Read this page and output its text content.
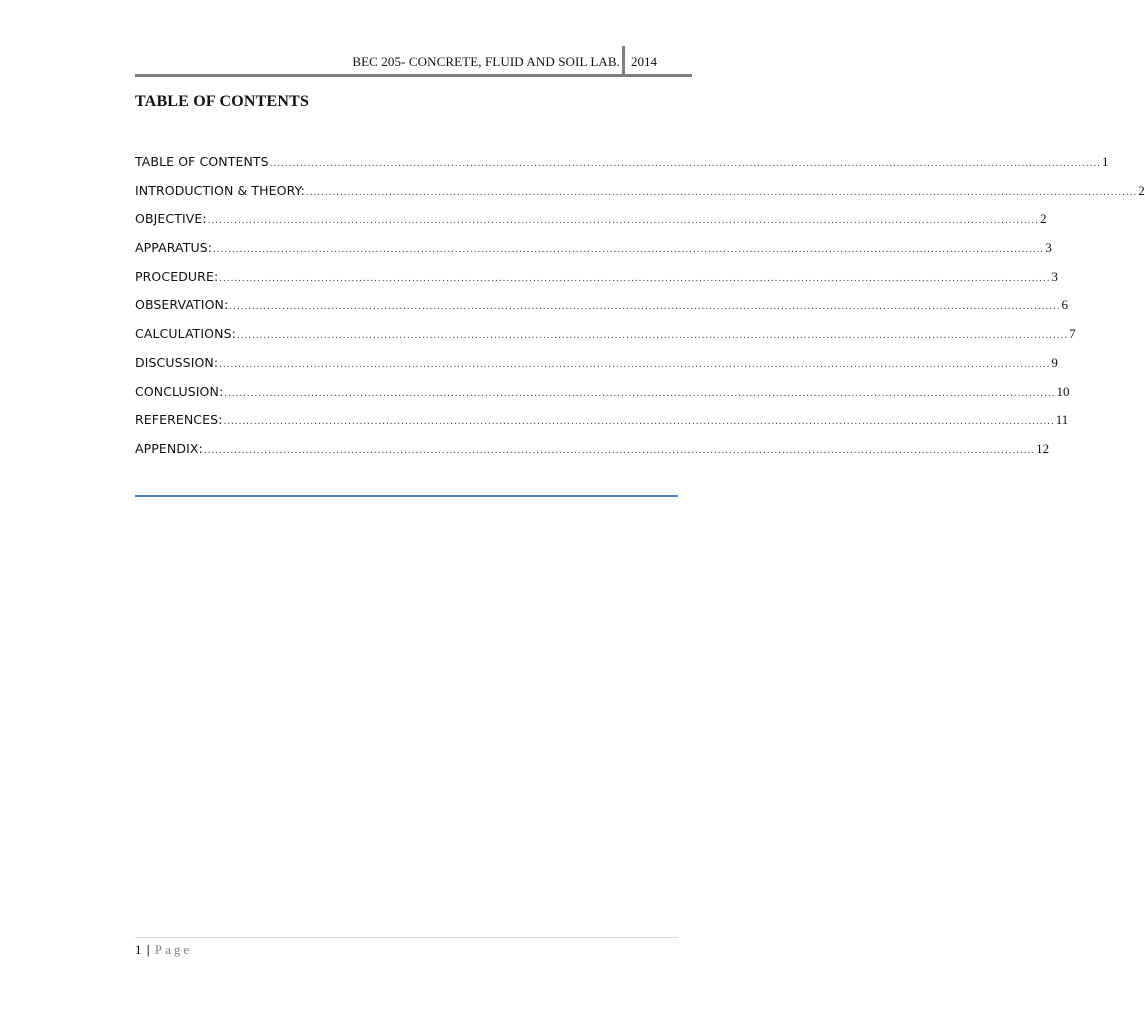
BEC 205- CONCRETE, FLUID AND SOIL LAB. 2014
TABLE OF CONTENTS
TABLE OF CONTENTS ............................................................................................................................................................................................................................ 1
INTRODUCTION & THEORY: ............................................................................................................................................................................................................................ 2
OBJECTIVE: ............................................................................................................................................................................................................................ 2
APPARATUS: ............................................................................................................................................................................................................................ 3
PROCEDURE: ............................................................................................................................................................................................................................ 3
OBSERVATION: ............................................................................................................................................................................................................................ 6
CALCULATIONS: ............................................................................................................................................................................................................................ 7
DISCUSSION: ............................................................................................................................................................................................................................ 9
CONCLUSION: ............................................................................................................................................................................................................................ 10
REFERENCES: ............................................................................................................................................................................................................................ 11
APPENDIX: ............................................................................................................................................................................................................................ 12
1 | Page
